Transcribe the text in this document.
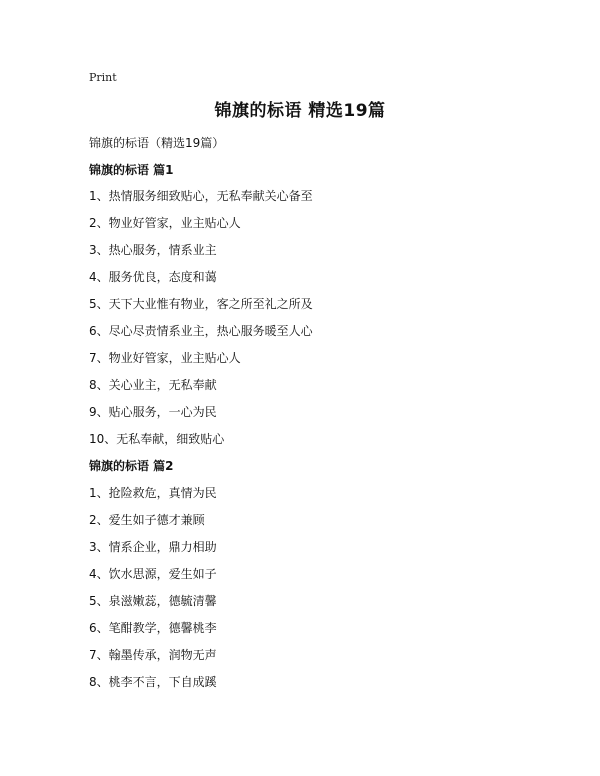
Print
锦旗的标语 精选19篇
锦旗的标语（精选19篇）
锦旗的标语 篇1
1、热情服务细致贴心，无私奉献关心备至
2、物业好管家，业主贴心人
3、热心服务，情系业主
4、服务优良，态度和蔼
5、天下大业惟有物业，客之所至礼之所及
6、尽心尽责情系业主，热心服务暖至人心
7、物业好管家，业主贴心人
8、关心业主，无私奉献
9、贴心服务，一心为民
10、无私奉献，细致贴心
锦旗的标语 篇2
1、抢险救危，真情为民
2、爱生如子德才兼顾
3、情系企业，鼎力相助
4、饮水思源，爱生如子
5、泉滋嫩蕊，德毓清馨
6、笔酣教学，德馨桃李
7、翰墨传承，润物无声
8、桃李不言，下自成蹊
